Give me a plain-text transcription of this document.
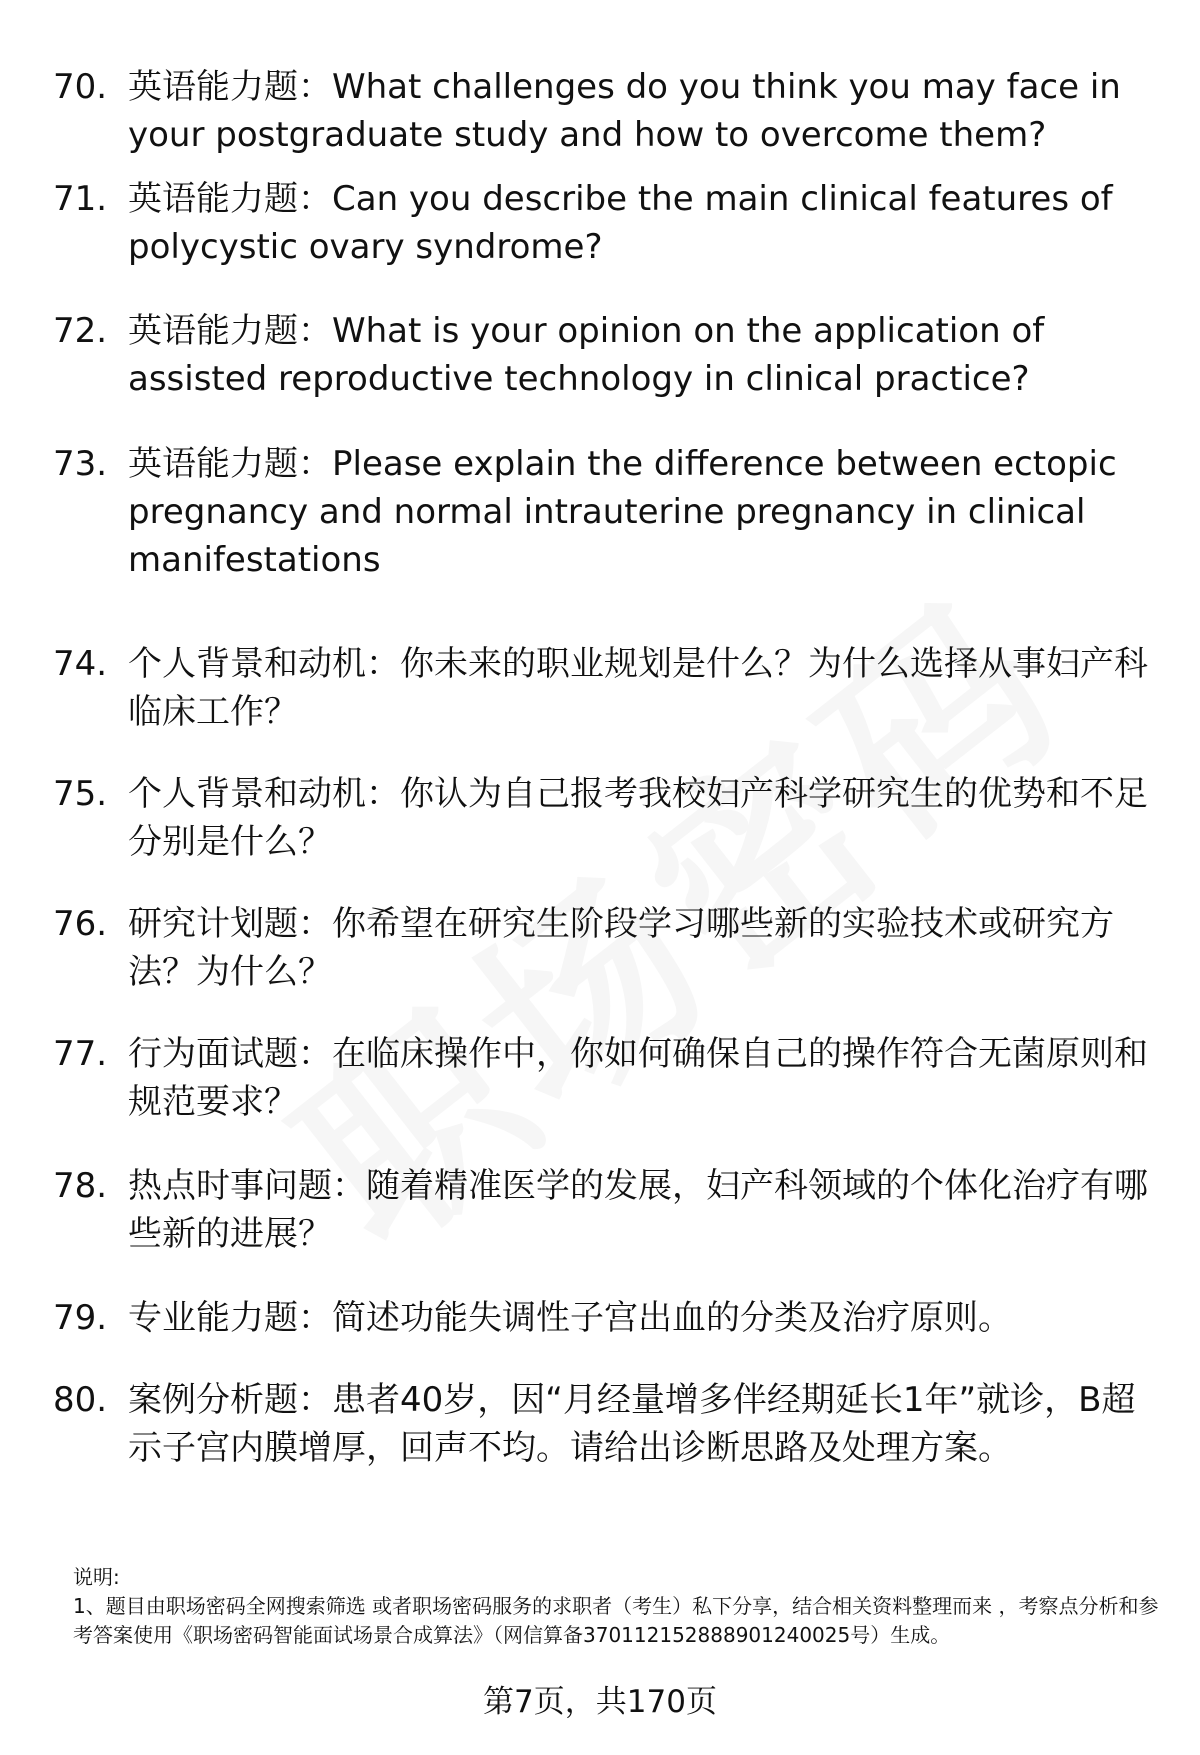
70. 英语能力题：What challenges do you think you may face in your postgraduate study and how to overcome them?
71. 英语能力题：Can you describe the main clinical features of polycystic ovary syndrome?
72. 英语能力题：What is your opinion on the application of assisted reproductive technology in clinical practice?
73. 英语能力题：Please explain the difference between ectopic pregnancy and normal intrauterine pregnancy in clinical manifestations
74. 个人背景和动机：你未来的职业规划是什么？为什么选择从事妇产科临床工作？
75. 个人背景和动机：你认为自己报考我校妇产科学研究生的优势和不足分别是什么？
76. 研究计划题：你希望在研究生阶段学习哪些新的实验技术或研究方法？为什么？
77. 行为面试题：在临床操作中，你如何确保自己的操作符合无菌原则和规范要求？
78. 热点时事问题：随着精准医学的发展，妇产科领域的个体化治疗有哪些新的进展？
79. 专业能力题：简述功能失调性子宫出血的分类及治疗原则。
80. 案例分析题：患者40岁，因“月经量增多伴经期延长1年”就诊，B超示子宫内膜增厚，回声不均。请给出诊断思路及处理方案。
说明:
1、题目由职场密码全网搜索筛选 或者职场密码服务的求职者（考生）私下分享，结合相关资料整理而来 ，考察点分析和参考答案使用《职场密码智能面试场景合成算法》（网信算备370112152888901240025号）生成。
第7页，共170页
